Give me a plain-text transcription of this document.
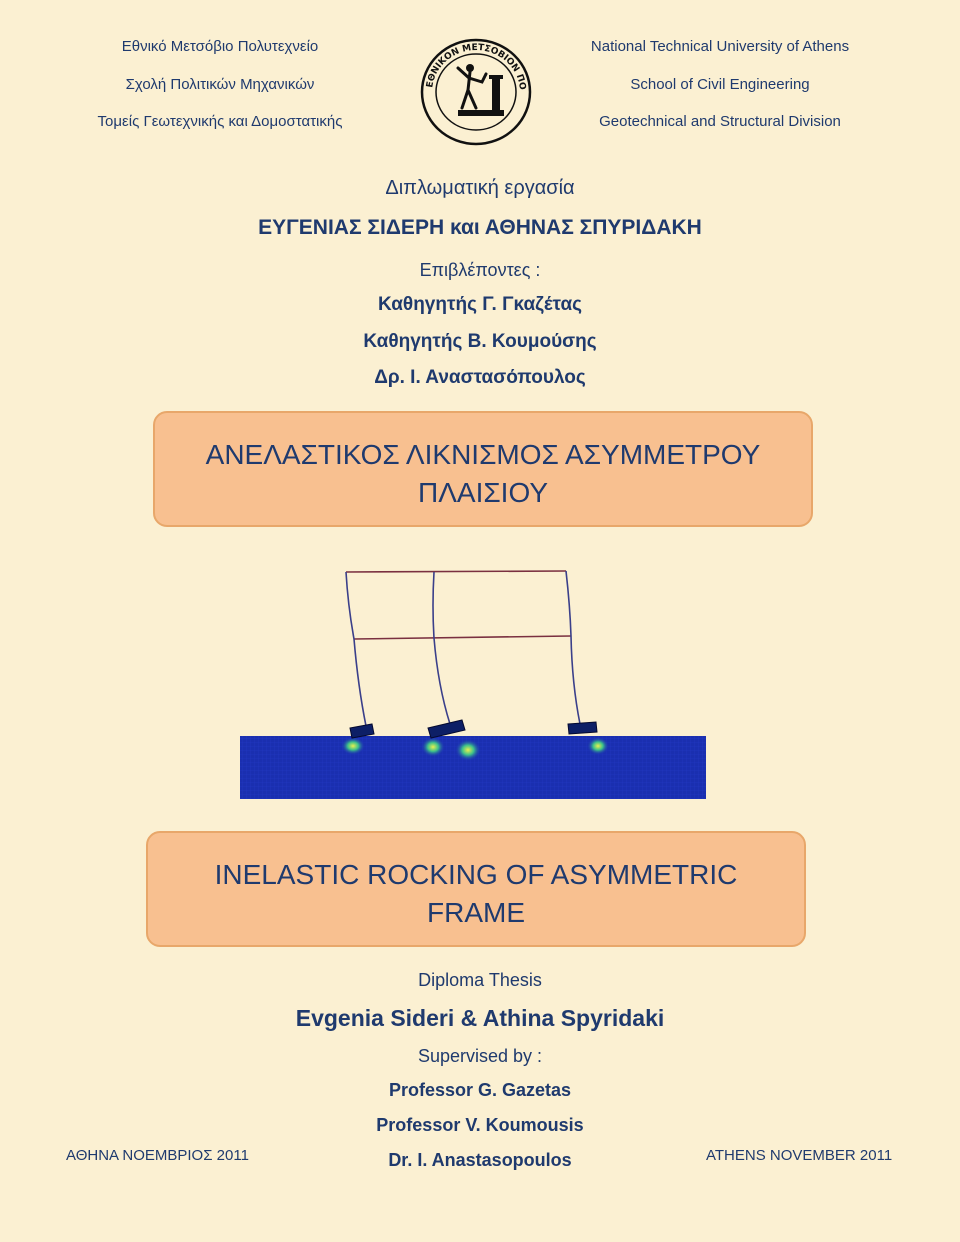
Εθνικό Μετσόβιο Πολυτεχνείο
Σχολή Πολιτικών Μηχανικών
Τομείς Γεωτεχνικής και Δομοστατικής
National Technical University of Athens
School of Civil Engineering
Geotechnical and Structural Division
ΕΘΝΙΚΟΝ ΜΕΤΣΟΒΙΟΝ ΠΟ
Διπλωματική εργασία
ΕΥΓΕΝΙΑΣ ΣΙΔΕΡΗ και ΑΘΗΝΑΣ ΣΠΥΡΙΔΑΚΗ
Επιβλέποντες :
Καθηγητής Γ. Γκαζέτας
Καθηγητής Β. Κουμούσης
Δρ. Ι. Αναστασόπουλος
ΑΝΕΛΑΣΤΙΚΟΣ ΛΙΚΝΙΣΜΟΣ ΑΣΥΜΜΕΤΡΟΥ
ΠΛΑΙΣΙΟΥ
INELASTIC ROCKING OF ASYMMETRIC
FRAME
Diploma Thesis
Evgenia Sideri & Athina Spyridaki
Supervised by :
Professor G. Gazetas
Professor V. Koumousis
Dr. I. Anastasopoulos
ΑΘΗΝΑ ΝΟΕΜΒΡΙΟΣ 2011	ATHENS NOVEMBER 2011
